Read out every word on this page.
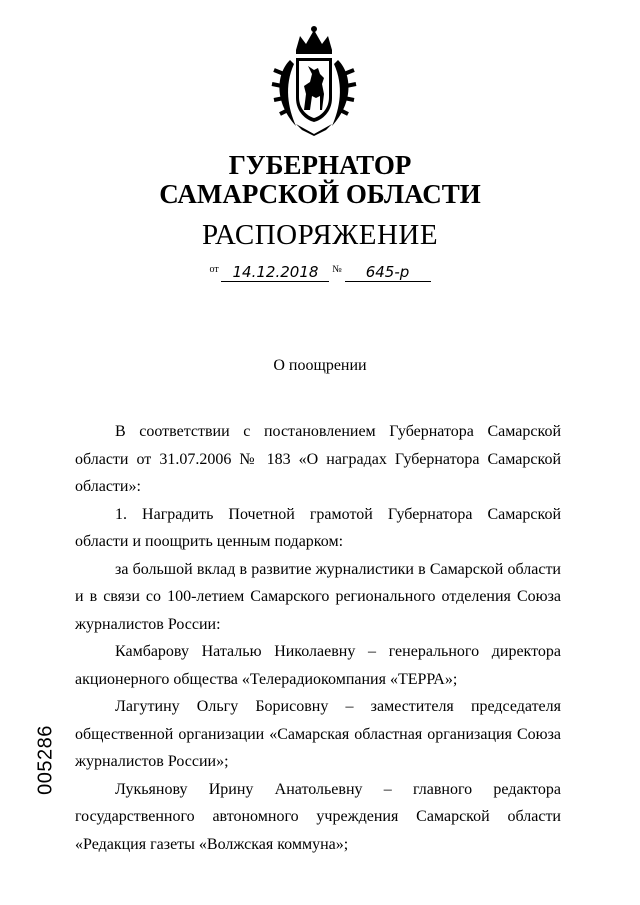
ГУБЕРНАТОР
САМАРСКОЙ ОБЛАСТИ
РАСПОРЯЖЕНИЕ
от 14.12.2018 № 645-р
О поощрении

В соответствии с постановлением Губернатора Самарской области от 31.07.2006 № 183 «О наградах Губернатора Самарской области»:

1. Наградить Почетной грамотой Губернатора Самарской области и поощрить ценным подарком:

за большой вклад в развитие журналистики в Самарской области и в связи со 100-летием Самарского регионального отделения Союза журналистов России:

Камбарову Наталью Николаевну – генерального директора акционерного общества «Телерадиокомпания «ТЕРРА»;

Лагутину Ольгу Борисовну – заместителя председателя общественной организации «Самарская областная организация Союза журналистов России»;

Лукьянову Ирину Анатольевну – главного редактора государственного автономного учреждения Самарской области «Редакция газеты «Волжская коммуна»;

005286
